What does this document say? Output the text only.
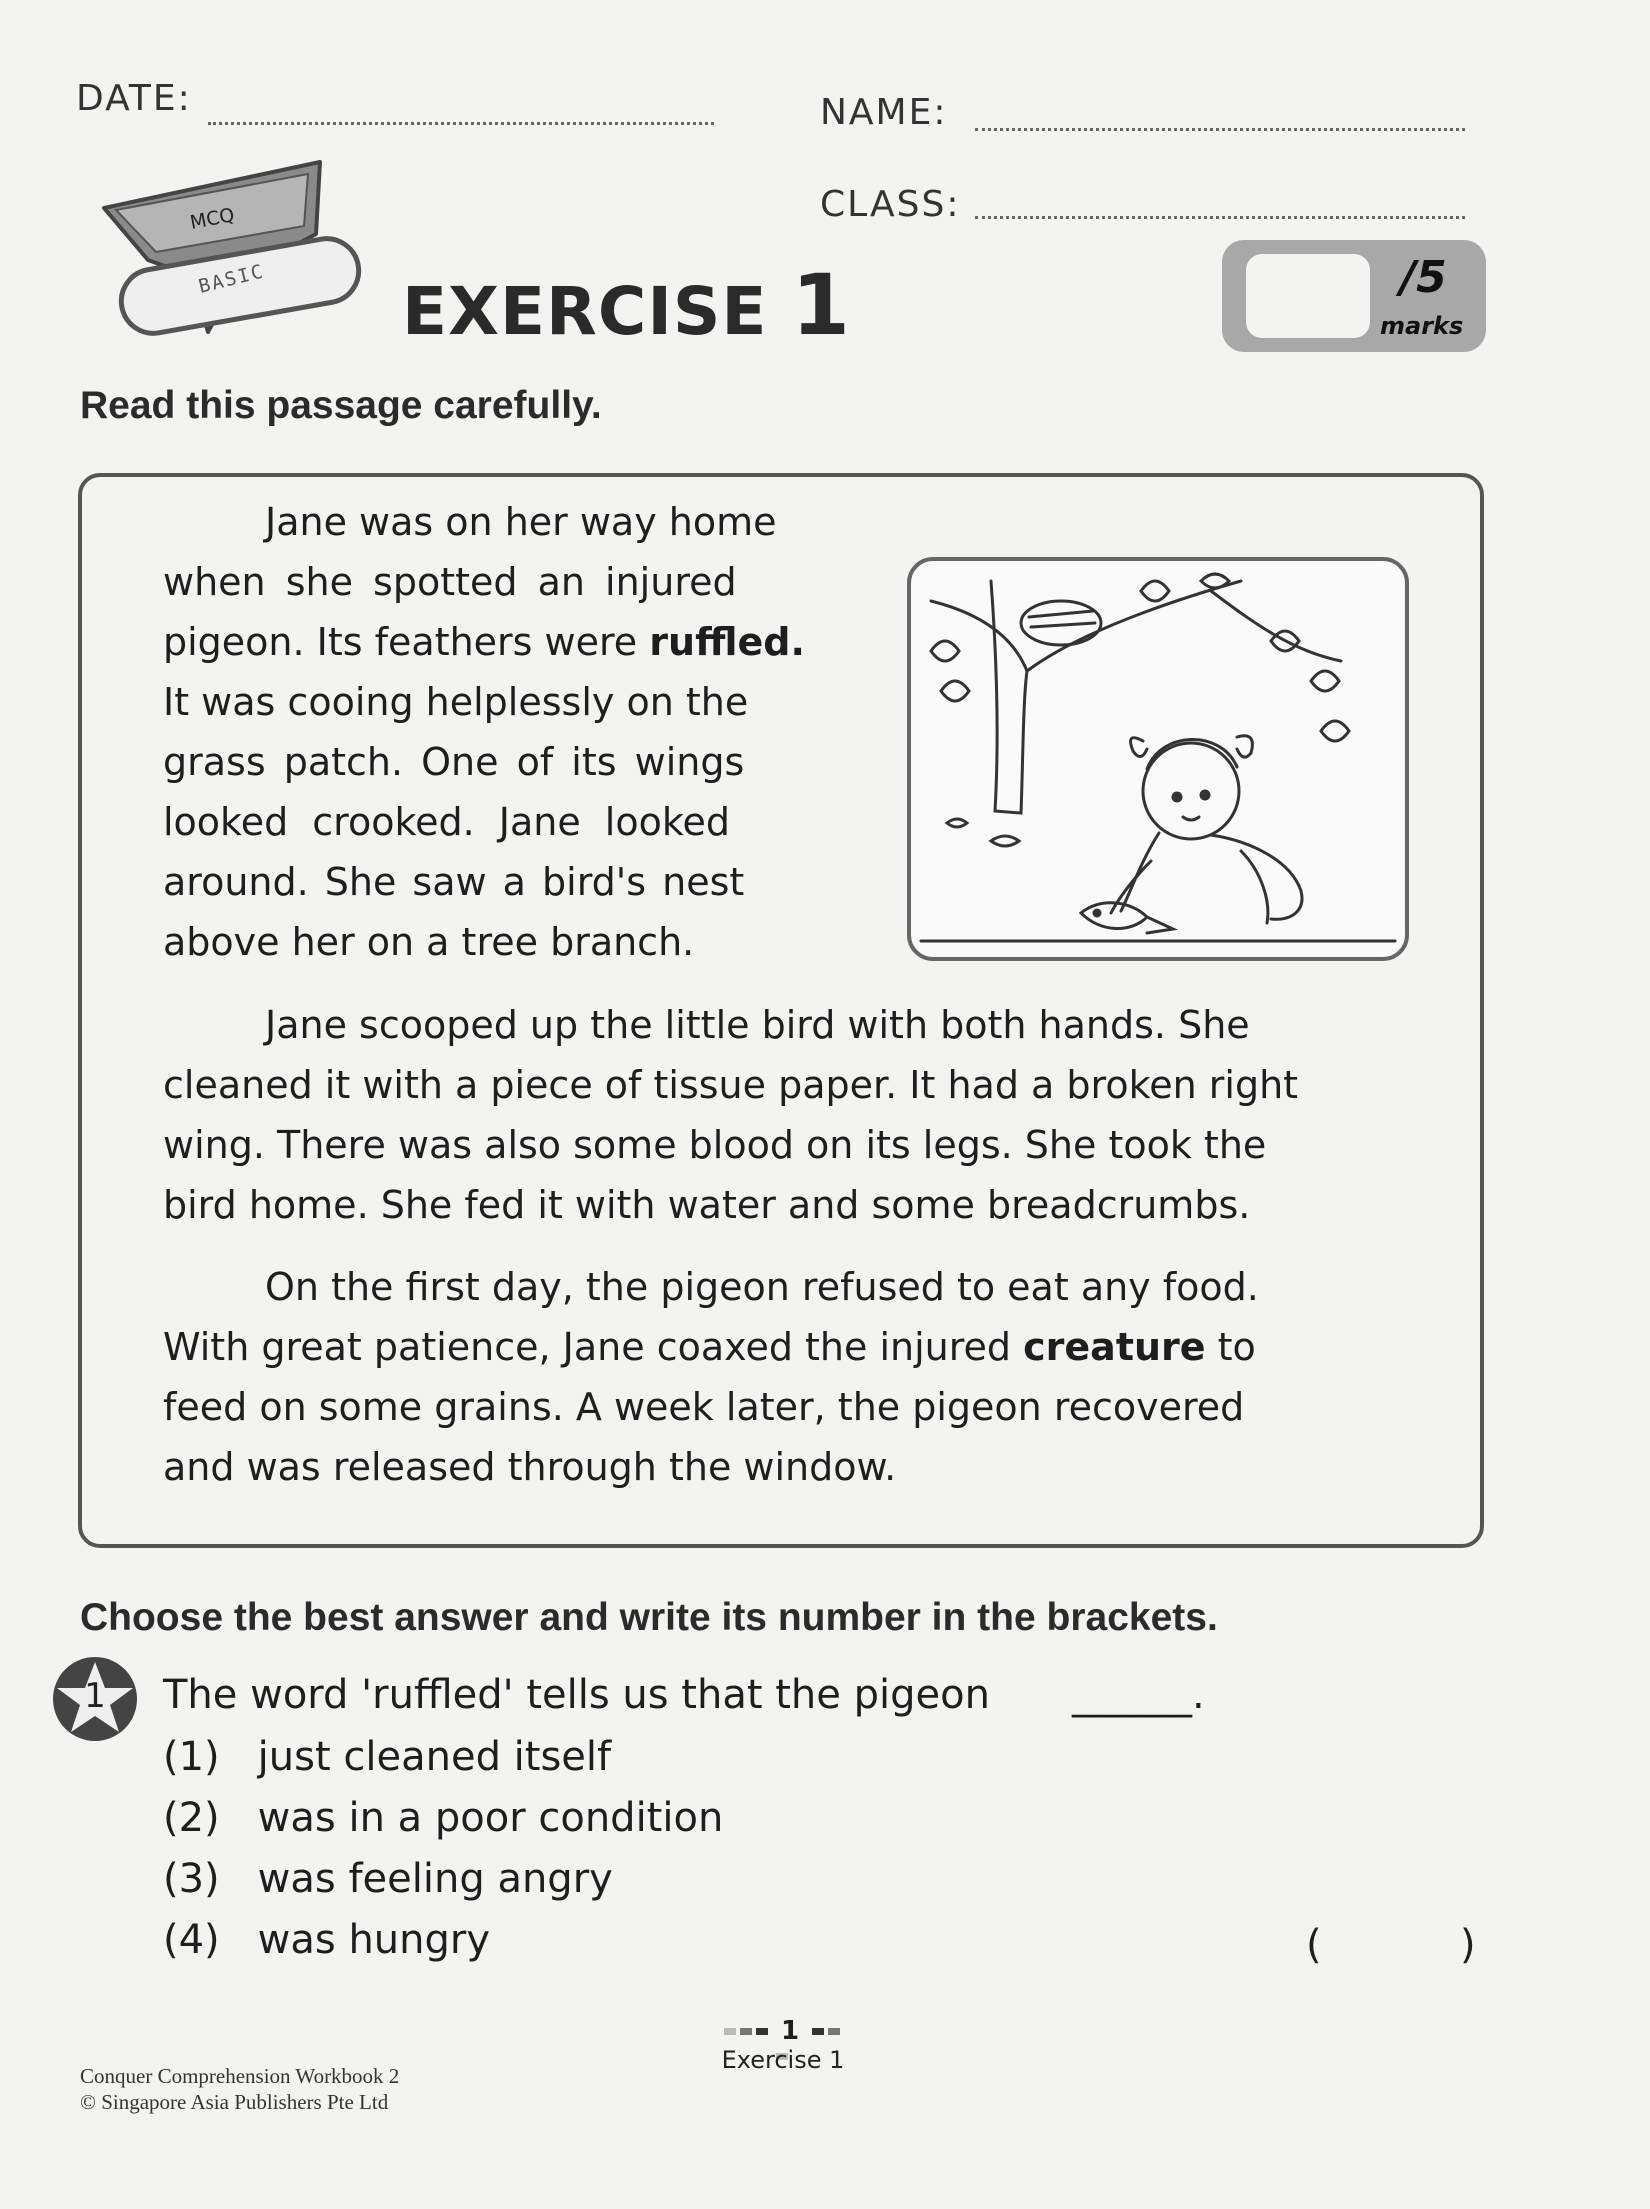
DATE:	NAME:
CLASS:
MCQ
BASIC EXERCISE 1	/5
marks
Read this passage carefully.
Jane was on her way home
when she spotted an injured
pigeon. Its feathers were ruffled.
It was cooing helplessly on the
grass patch. One of its wings
looked crooked. Jane looked
around. She saw a bird's nest
above her on a tree branch.
Jane scooped up the little bird with both hands. She
cleaned it with a piece of tissue paper. It had a broken right
wing. There was also some blood on its legs. She took the
bird home. She fed it with water and some breadcrumbs.
On the first day, the pigeon refused to eat any food.
With great patience, Jane coaxed the injured creature to
feed on some grains. A week later, the pigeon recovered
and was released through the window.
Choose the best answer and write its number in the brackets.
1	The word 'ruffled' tells us that the pigeon ______.
(1) just cleaned itself
(2) was in a poor condition
(3) was feeling angry
(4) was hungry	(	)
1
Exercise 1
Conquer Comprehension Workbook 2
© Singapore Asia Publishers Pte Ltd
